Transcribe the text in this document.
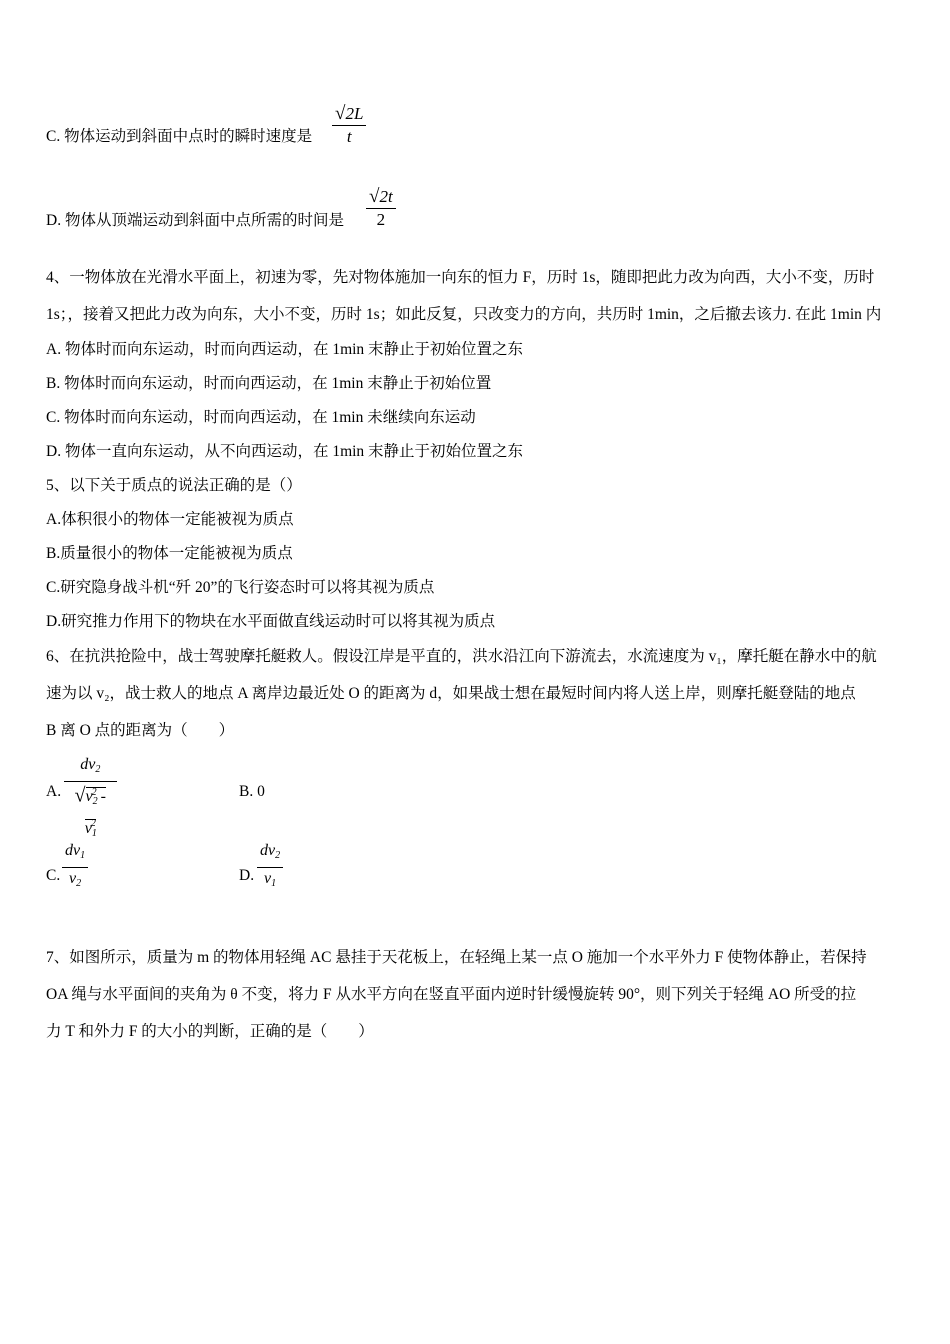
C. 物体运动到斜面中点时的瞬时速度是 $\frac{√2L}{t}$
D. 物体从顶端运动到斜面中点所需的时间是 $\frac{√2t}{2}$
4、一物体放在光滑水平面上，初速为零，先对物体施加一向东的恒力 F，历时 1s，随即把此力改为向西，大小不变，历时
1s；，接着又把此力改为向东，大小不变，历时 1s；如此反复，只改变力的方向，共历时 1min，之后撤去该力. 在此 1min 内
A. 物体时而向东运动，时而向西运动，在 1min 末静止于初始位置之东
B. 物体时而向东运动，时而向西运动，在 1min 末静止于初始位置
C. 物体时而向东运动，时而向西运动，在 1min 未继续向东运动
D. 物体一直向东运动，从不向西运动，在 1min 末静止于初始位置之东
5、以下关于质点的说法正确的是（）
A.体积很小的物体一定能被视为质点
B.质量很小的物体一定能被视为质点
C.研究隐身战斗机“歼 20”的飞行姿态时可以将其视为质点
D.研究推力作用下的物块在水平面做直线运动时可以将其视为质点
6、在抗洪抢险中，战士驾驶摩托艇救人。假设江岸是平直的，洪水沿江向下游流去，水流速度为 v₁，摩托艇在静水中的航
速为以 v₂，战士救人的地点 A 离岸边最近处 O 的距离为 d，如果战士想在最短时间内将人送上岸，则摩托艇登陆的地点
B 离 O 点的距离为（　　）
A. $\frac{dv_2}{√v_2^2 - v_1^2}$	B. 0
C. $\frac{dv_1}{v_2}$	D. $\frac{dv_2}{v_1}$
7、如图所示，质量为 m 的物体用轻绳 AC 悬挂于天花板上，在轻绳上某一点 O 施加一个水平外力 F 使物体静止，若保持
OA 绳与水平面间的夹角为 θ 不变，将力 F 从水平方向在竖直平面内逆时针缓慢旋转 90°，则下列关于轻绳 AO 所受的拉
力 T 和外力 F 的大小的判断，正确的是（　　）
